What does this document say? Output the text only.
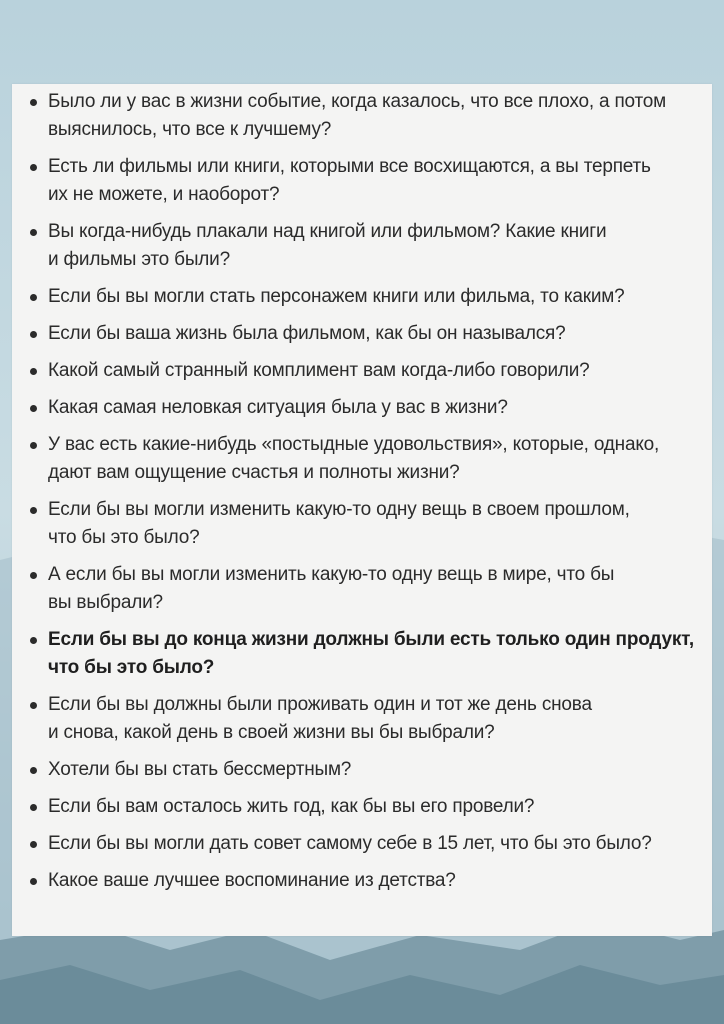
Было ли у вас в жизни событие, когда казалось, что все плохо, а потом
выяснилось, что все к лучшему?
Есть ли фильмы или книги, которыми все восхищаются, а вы терпеть
их не можете, и наоборот?
Вы когда-нибудь плакали над книгой или фильмом? Какие книги
и фильмы это были?
Если бы вы могли стать персонажем книги или фильма, то каким?
Если бы ваша жизнь была фильмом, как бы он назывался?
Какой самый странный комплимент вам когда-либо говорили?
Какая самая неловкая ситуация была у вас в жизни?
У вас есть какие-нибудь «постыдные удовольствия», которые, однако,
дают вам ощущение счастья и полноты жизни?
Если бы вы могли изменить какую-то одну вещь в своем прошлом,
что бы это было?
А если бы вы могли изменить какую-то одну вещь в мире, что бы
вы выбрали?
Если бы вы до конца жизни должны были есть только один продукт,
что бы это было?
Если бы вы должны были проживать один и тот же день снова
и снова, какой день в своей жизни вы бы выбрали?
Хотели бы вы стать бессмертным?
Если бы вам осталось жить год, как бы вы его провели?
Если бы вы могли дать совет самому себе в 15 лет, что бы это было?
Какое ваше лучшее воспоминание из детства?
